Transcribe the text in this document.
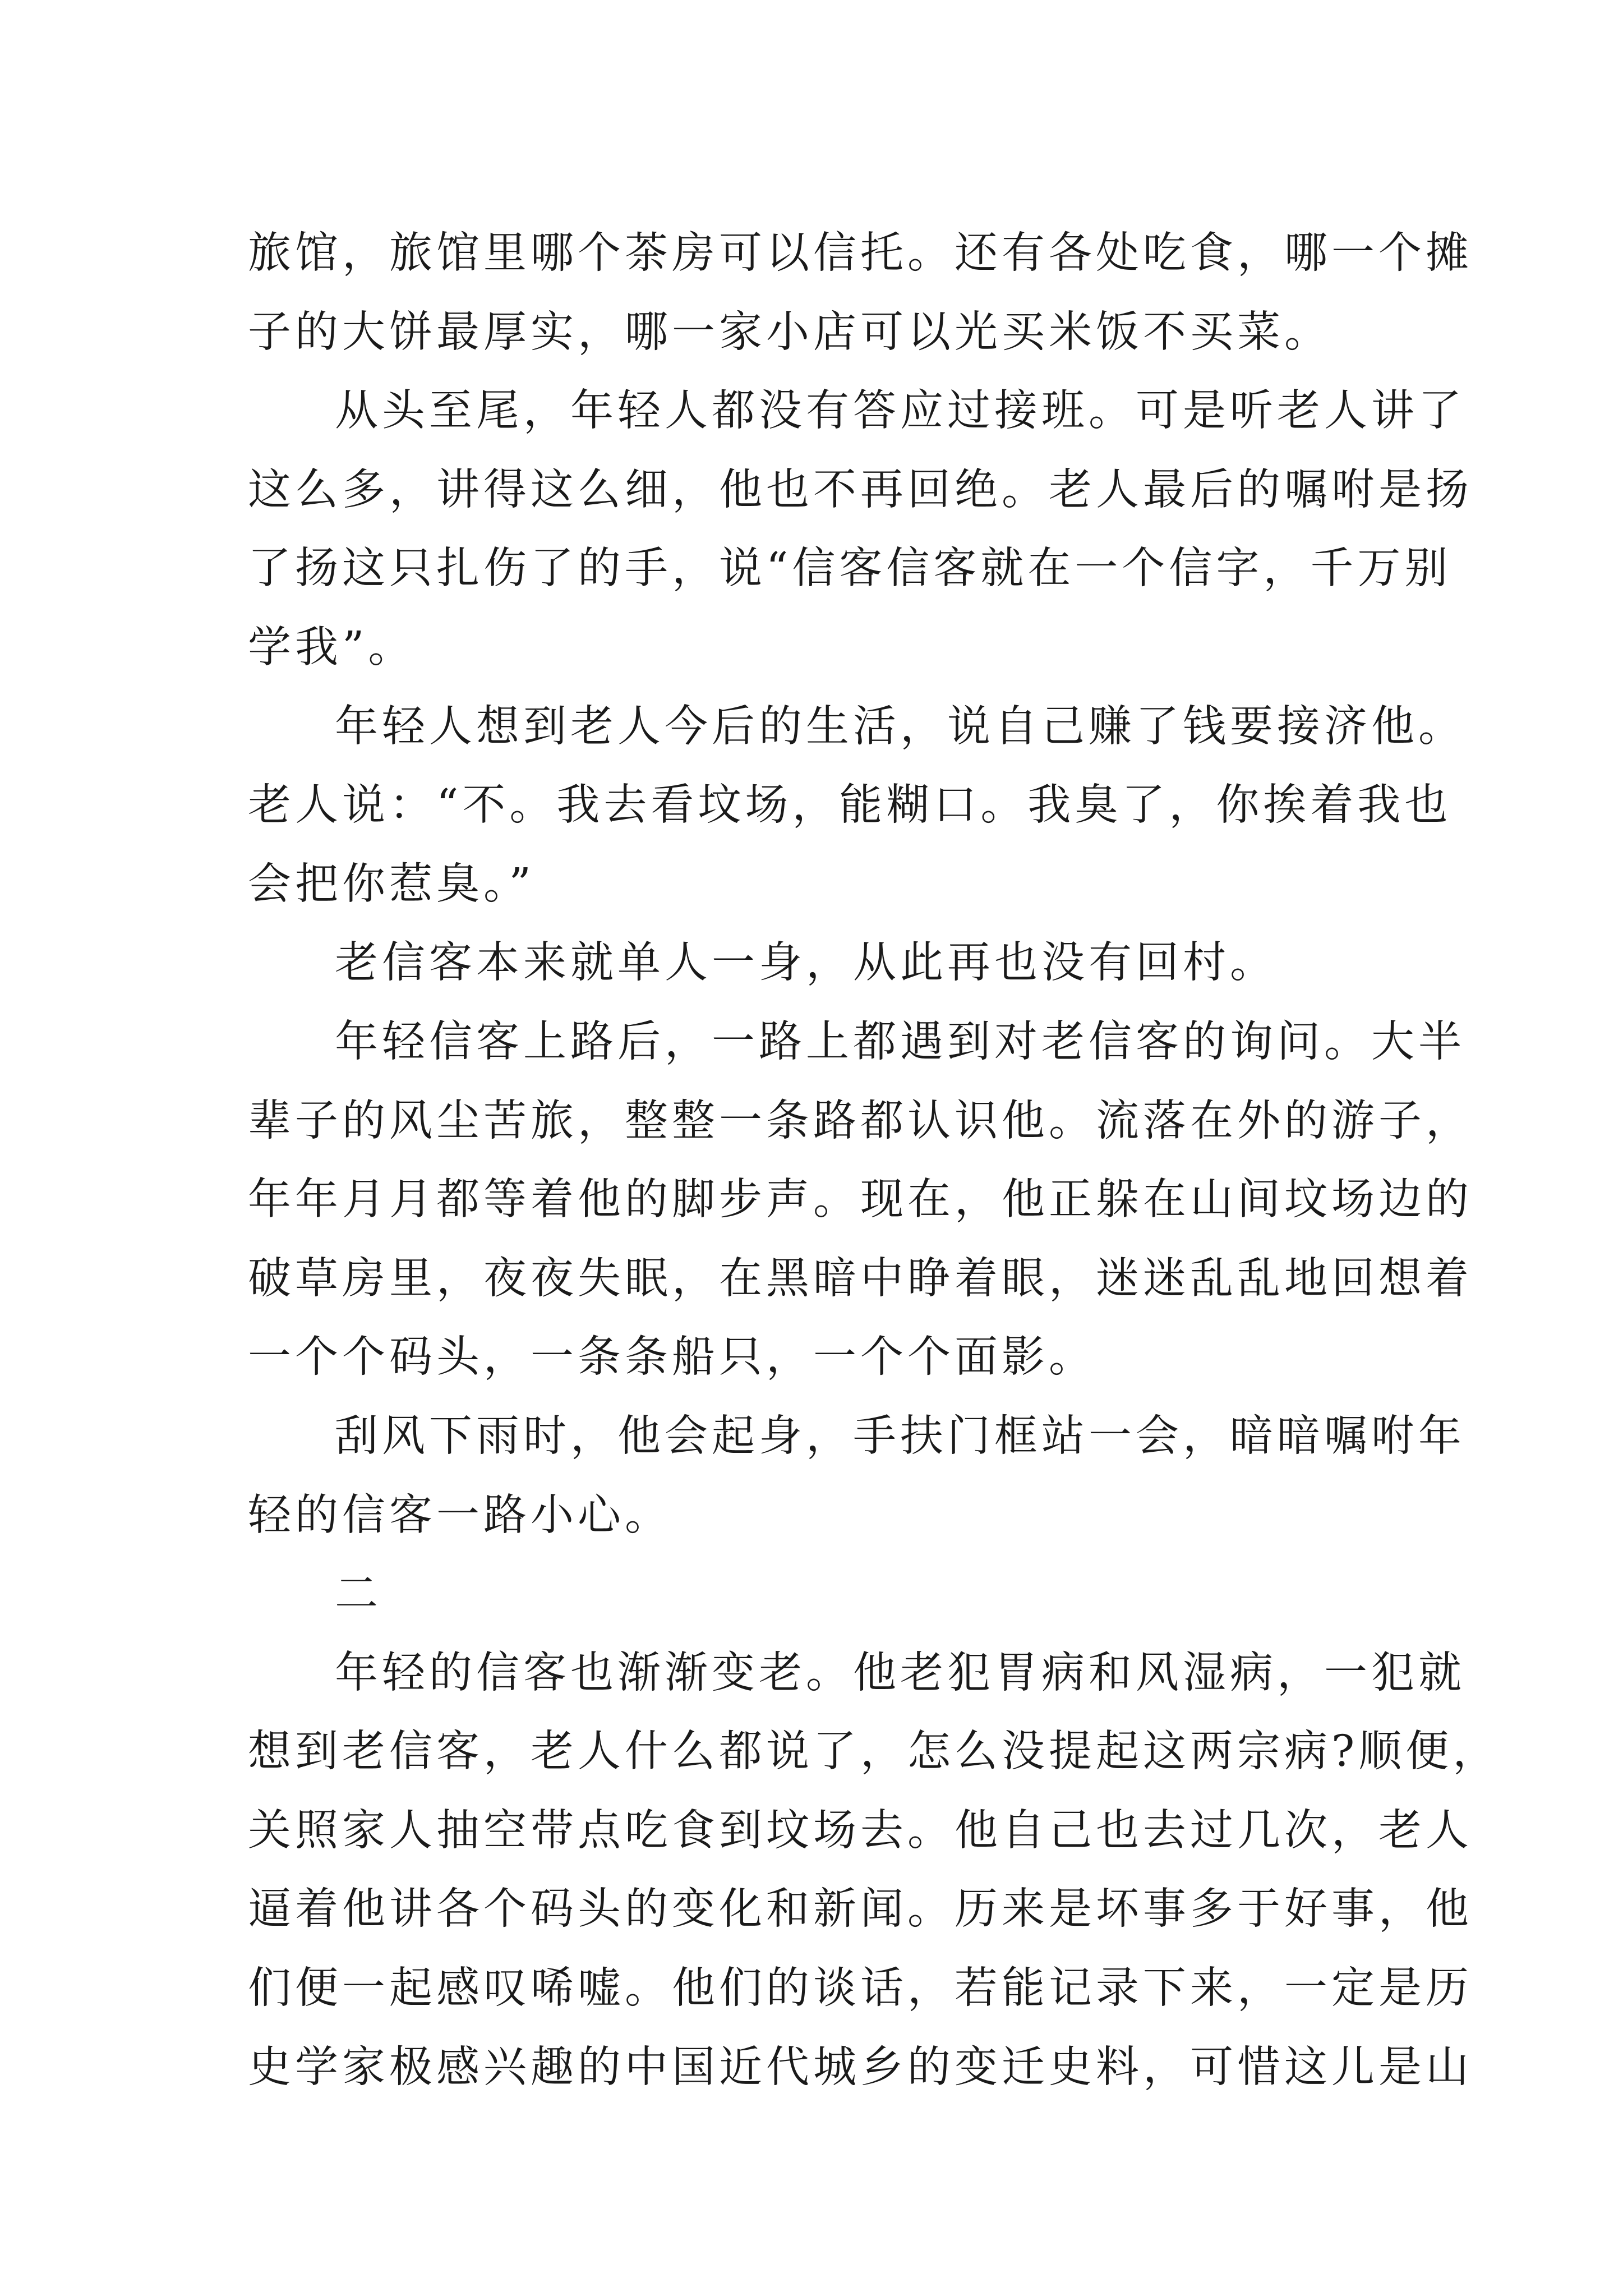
旅馆，旅馆里哪个茶房可以信托。还有各处吃食，哪一个摊
子的大饼最厚实，哪一家小店可以光买米饭不买菜。
从头至尾，年轻人都没有答应过接班。可是听老人讲了
这么多，讲得这么细，他也不再回绝。老人最后的嘱咐是扬
了扬这只扎伤了的手，说“信客信客就在一个信字，千万别
学我”。
年轻人想到老人今后的生活，说自己赚了钱要接济他。
老人说：“不。我去看坟场，能糊口。我臭了，你挨着我也
会把你惹臭。”
老信客本来就单人一身，从此再也没有回村。
年轻信客上路后，一路上都遇到对老信客的询问。大半
辈子的风尘苦旅，整整一条路都认识他。流落在外的游子，
年年月月都等着他的脚步声。现在，他正躲在山间坟场边的
破草房里，夜夜失眠，在黑暗中睁着眼，迷迷乱乱地回想着
一个个码头，一条条船只，一个个面影。
刮风下雨时，他会起身，手扶门框站一会，暗暗嘱咐年
轻的信客一路小心。
二
年轻的信客也渐渐变老。他老犯胃病和风湿病，一犯就
想到老信客，老人什么都说了，怎么没提起这两宗病?顺便，
关照家人抽空带点吃食到坟场去。他自己也去过几次，老人
逼着他讲各个码头的变化和新闻。历来是坏事多于好事，他
们便一起感叹唏嘘。他们的谈话，若能记录下来，一定是历
史学家极感兴趣的中国近代城乡的变迁史料，可惜这儿是山
